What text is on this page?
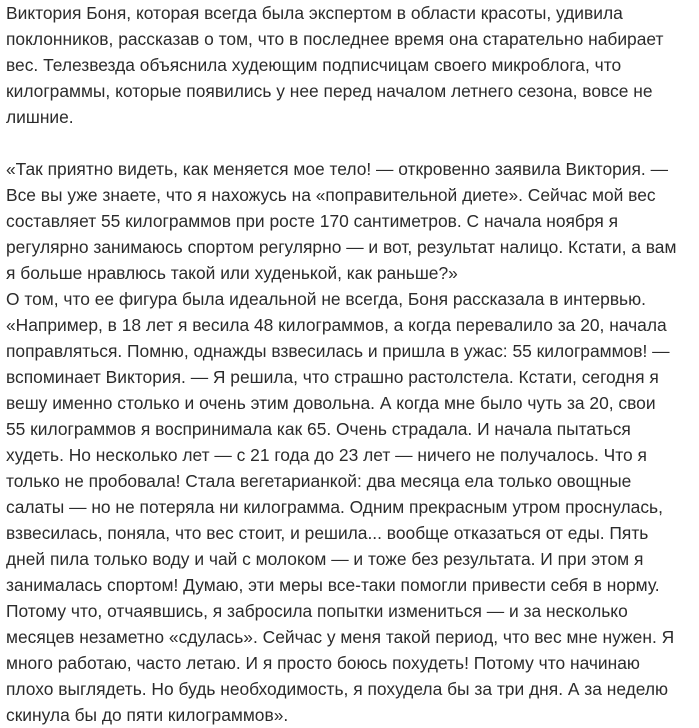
Виктория Боня, которая всегда была экспертом в области красоты, удивила поклонников, рассказав о том, что в последнее время она старательно набирает вес. Телезвезда объяснила худеющим подписчицам своего микроблога, что килограммы, которые появились у нее перед началом летнего сезона, вовсе не лишние.

«Так приятно видеть, как меняется мое тело! — откровенно заявила Виктория. — Все вы уже знаете, что я нахожусь на «поправительной диете». Сейчас мой вес составляет 55 килограммов при росте 170 сантиметров. С начала ноября я регулярно занимаюсь спортом регулярно — и вот, результат налицо. Кстати, а вам я больше нравлюсь такой или худенькой, как раньше?»

О том, что ее фигура была идеальной не всегда, Боня рассказала в интервью.

«Например, в 18 лет я весила 48 килограммов, а когда перевалило за 20, начала поправляться. Помню, однажды взвесилась и пришла в ужас: 55 килограммов! — вспоминает Виктория. — Я решила, что страшно растолстела. Кстати, сегодня я вешу именно столько и очень этим довольна. А когда мне было чуть за 20, свои 55 килограммов я воспринимала как 65. Очень страдала. И начала пытаться худеть. Но несколько лет — с 21 года до 23 лет — ничего не получалось. Что я только не пробовала! Стала вегетарианкой: два месяца ела только овощные салаты — но не потеряла ни килограмма. Одним прекрасным утром проснулась, взвесилась, поняла, что вес стоит, и решила... вообще отказаться от еды. Пять дней пила только воду и чай с молоком — и тоже без результата. И при этом я занималась спортом! Думаю, эти меры все-таки помогли привести себя в норму. Потому что, отчаявшись, я забросила попытки измениться — и за несколько месяцев незаметно «сдулась». Сейчас у меня такой период, что вес мне нужен. Я много работаю, часто летаю. И я просто боюсь похудеть! Потому что начинаю плохо выглядеть. Но будь необходимость, я похудела бы за три дня. А за неделю скинула бы до пяти килограммов».
